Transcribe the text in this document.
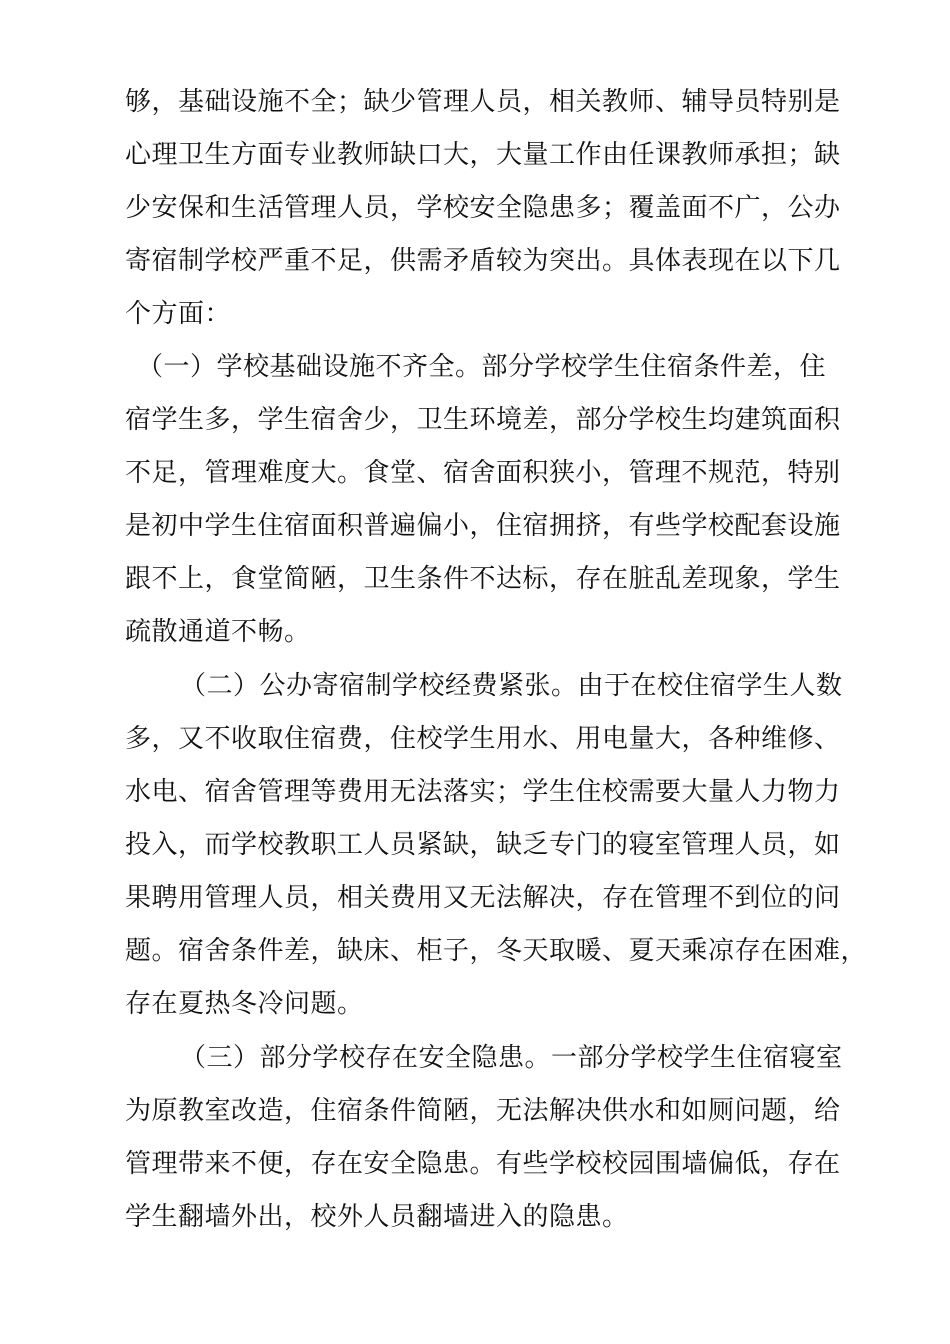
够，基础设施不全；缺少管理人员，相关教师、辅导员特别是
心理卫生方面专业教师缺口大，大量工作由任课教师承担；缺
少安保和生活管理人员，学校安全隐患多；覆盖面不广，公办
寄宿制学校严重不足，供需矛盾较为突出。具体表现在以下几
个方面：
（一）学校基础设施不齐全。部分学校学生住宿条件差，住
宿学生多，学生宿舍少，卫生环境差，部分学校生均建筑面积
不足，管理难度大。食堂、宿舍面积狭小，管理不规范，特别
是初中学生住宿面积普遍偏小，住宿拥挤，有些学校配套设施
跟不上，食堂简陋，卫生条件不达标，存在脏乱差现象，学生
疏散通道不畅。
（二）公办寄宿制学校经费紧张。由于在校住宿学生人数
多，又不收取住宿费，住校学生用水、用电量大，各种维修、
水电、宿舍管理等费用无法落实；学生住校需要大量人力物力
投入，而学校教职工人员紧缺，缺乏专门的寝室管理人员，如
果聘用管理人员，相关费用又无法解决，存在管理不到位的问
题。宿舍条件差，缺床、柜子，冬天取暖、夏天乘凉存在困难，
存在夏热冬冷问题。
（三）部分学校存在安全隐患。一部分学校学生住宿寝室
为原教室改造，住宿条件简陋，无法解决供水和如厕问题，给
管理带来不便，存在安全隐患。有些学校校园围墙偏低，存在
学生翻墙外出，校外人员翻墙进入的隐患。
